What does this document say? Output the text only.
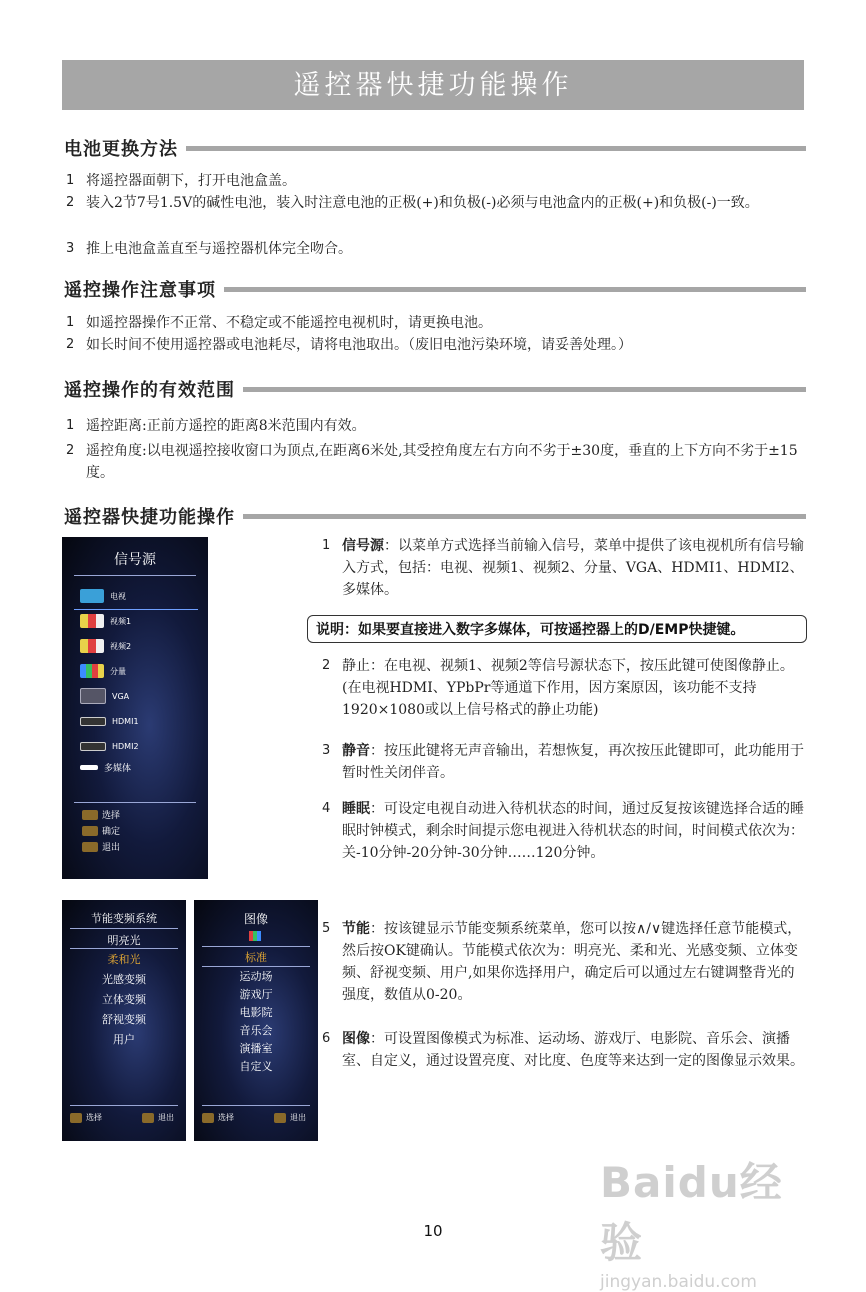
遥控器快捷功能操作
电池更换方法
1 将遥控器面朝下，打开电池盒盖。
2 装入2节7号1.5V的碱性电池，装入时注意电池的正极(+)和负极(-)必须与电池盒内的正极(+)和负极(-)一致。
3 推上电池盒盖直至与遥控器机体完全吻合。
遥控操作注意事项
1 如遥控器操作不正常、不稳定或不能遥控电视机时，请更换电池。
2 如长时间不使用遥控器或电池耗尽，请将电池取出。（废旧电池污染环境，请妥善处理。）
遥控操作的有效范围
1 遥控距离:正前方遥控的距离8米范围内有效。
2 遥控角度:以电视遥控接收窗口为顶点,在距离6米处,其受控角度左右方向不劣于±30度，垂直的上下方向不劣于±15度。
遥控器快捷功能操作
1 信号源：以菜单方式选择当前输入信号，菜单中提供了该电视机所有信号输入方式，包括：电视、视频1、视频2、分量、VGA、HDMI1、HDMI2、多媒体。
说明：如果要直接进入数字多媒体，可按遥控器上的D/EMP快捷键。
2 静止：在电视、视频1、视频2等信号源状态下，按压此键可使图像静止。(在电视HDMI、YPbPr等通道下作用，因方案原因，该功能不支持1920×1080或以上信号格式的静止功能)
3 静音：按压此键将无声音输出，若想恢复，再次按压此键即可，此功能用于暂时性关闭伴音。
4 睡眠：可设定电视自动进入待机状态的时间，通过反复按该键选择合适的睡眠时钟模式，剩余时间提示您电视进入待机状态的时间，时间模式依次为：关-10分钟-20分钟-30分钟……120分钟。
5 节能：按该键显示节能变频系统菜单，您可以按∧/∨键选择任意节能模式，然后按OK键确认。节能模式依次为：明亮光、柔和光、光感变频、立体变频、舒视变频、用户,如果你选择用户，确定后可以通过左右键调整背光的强度，数值从0-20。
6 图像：可设置图像模式为标准、运动场、游戏厅、电影院、音乐会、演播室、自定义，通过设置亮度、对比度、色度等来达到一定的图像显示效果。
信号源
电视
视频1
视频2
分量
VGA
HDMI1
HDMI2
多媒体
选择
确定
退出
节能变频系统
明亮光
柔和光
光感变频
立体变频
舒视变频
用户
选择	退出
图像
标准
运动场
游戏厅
电影院
音乐会
演播室
自定义
选择	退出
10
Baidu经验
jingyan.baidu.com
